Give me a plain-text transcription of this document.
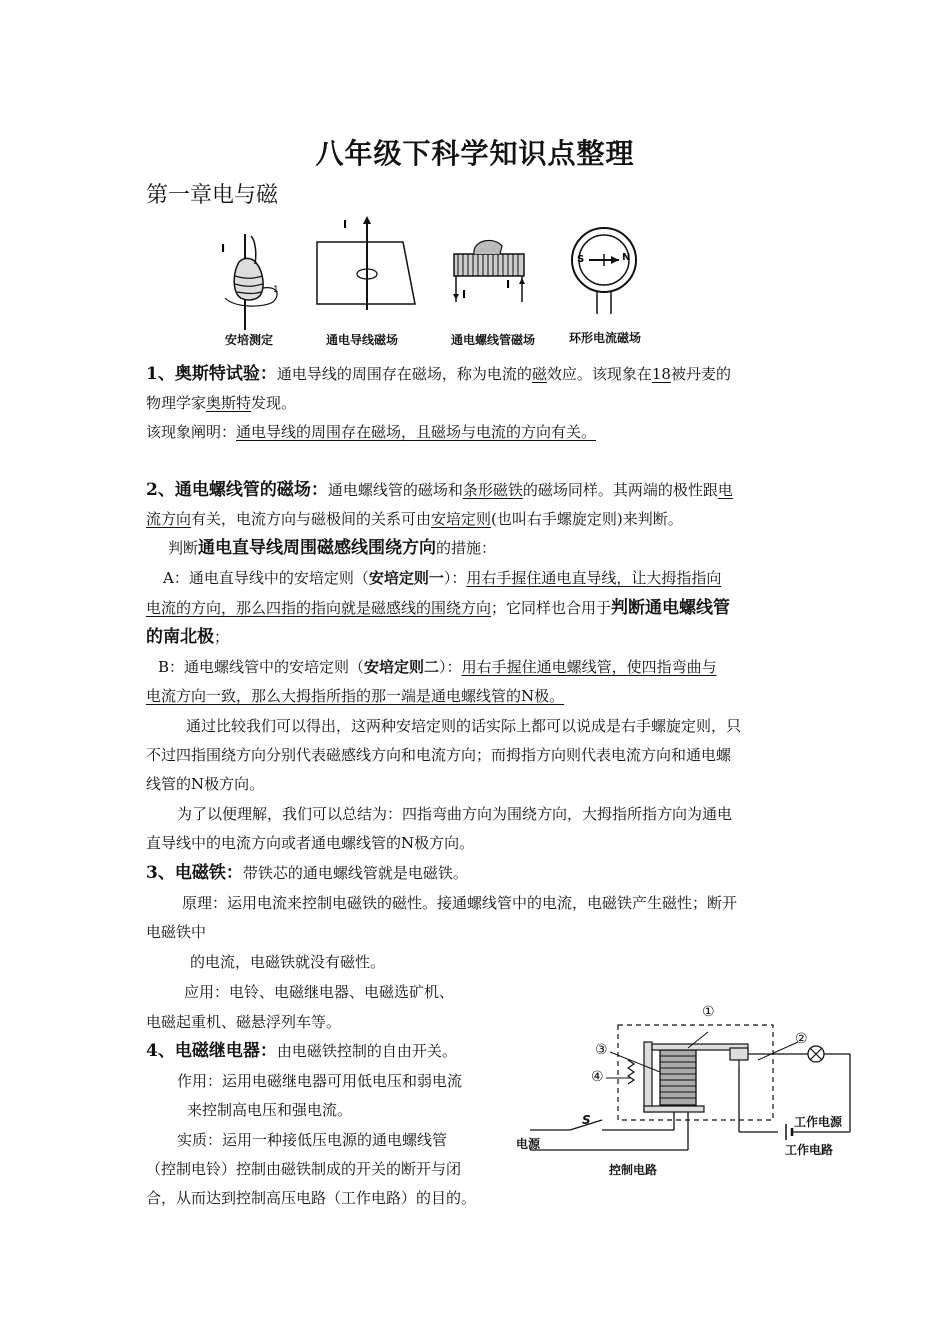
八年级下科学知识点整理
第一章电与磁
I
1
I
I
I
S	N
安培测定	通电导线磁场	通电螺线管磁场	环形电流磁场
1、奥斯特试验：通电导线的周围存在磁场，称为电流的磁效应。该现象在18被丹麦的
物理学家奥斯特发现。
该现象阐明：通电导线的周围存在磁场，且磁场与电流的方向有关。
2、通电螺线管的磁场：通电螺线管的磁场和条形磁铁的磁场同样。其两端的极性跟电
流方向有关，电流方向与磁极间的关系可由安培定则(也叫右手螺旋定则)来判断。
判断通电直导线周围磁感线围绕方向的措施：
A：通电直导线中的安培定则（安培定则一）：用右手握住通电直导线，让大拇指指向
电流的方向，那么四指的指向就是磁感线的围绕方向；它同样也合用于判断通电螺线管
的南北极；
B：通电螺线管中的安培定则（安培定则二）：用右手握住通电螺线管，使四指弯曲与
电流方向一致，那么大拇指所指的那一端是通电螺线管的N极。
通过比较我们可以得出，这两种安培定则的话实际上都可以说成是右手螺旋定则，只
不过四指围绕方向分别代表磁感线方向和电流方向；而拇指方向则代表电流方向和通电螺
线管的N极方向。
为了以便理解，我们可以总结为：四指弯曲方向为围绕方向，大拇指所指方向为通电
直导线中的电流方向或者通电螺线管的N极方向。
3、电磁铁：带铁芯的通电螺线管就是电磁铁。
原理：运用电流来控制电磁铁的磁性。接通螺线管中的电流，电磁铁产生磁性；断开
电磁铁中
的电流，电磁铁就没有磁性。
应用：电铃、电磁继电器、电磁选矿机、
电磁起重机、磁悬浮列车等。
4、电磁继电器：由电磁铁控制的自由开关。
作用：运用电磁继电器可用低电压和弱电流
来控制高电压和强电流。
实质：运用一种接低压电源的通电螺线管
（控制电铃）控制由磁铁制成的开关的断开与闭
合，从而达到控制高压电路（工作电路）的目的。
①
②
③
④
S
电源
控制电路
工作电源
工作电路
